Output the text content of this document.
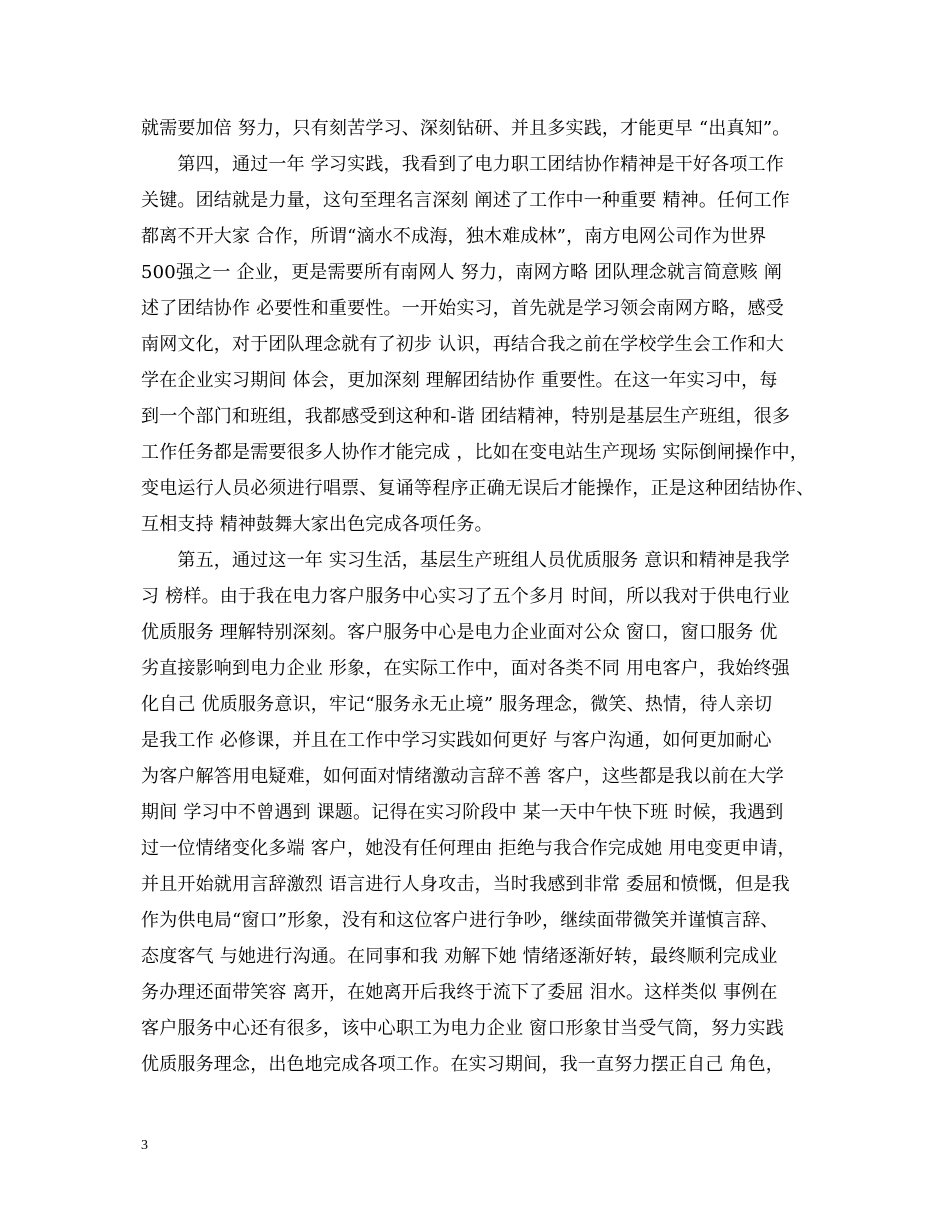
就需要加倍 努力，只有刻苦学习、深刻钻研、并且多实践，才能更早 “出真知”。
　　第四，通过一年 学习实践，我看到了电力职工团结协作精神是干好各项工作
关键。团结就是力量，这句至理名言深刻 阐述了工作中一种重要 精神。任何工作
都离不开大家 合作，所谓“滴水不成海，独木难成林”，南方电网公司作为世界
500强之一 企业，更是需要所有南网人 努力，南网方略 团队理念就言简意赅 阐
述了团结协作 必要性和重要性。一开始实习，首先就是学习领会南网方略，感受
南网文化，对于团队理念就有了初步 认识，再结合我之前在学校学生会工作和大
学在企业实习期间 体会，更加深刻 理解团结协作 重要性。在这一年实习中，每
到一个部门和班组，我都感受到这种和-谐 团结精神，特别是基层生产班组，很多
工作任务都是需要很多人协作才能完成 ，比如在变电站生产现场 实际倒闸操作中，
变电运行人员必须进行唱票、复诵等程序正确无误后才能操作，正是这种团结协作、
互相支持 精神鼓舞大家出色完成各项任务。
　　第五，通过这一年 实习生活，基层生产班组人员优质服务 意识和精神是我学
习 榜样。由于我在电力客户服务中心实习了五个多月 时间，所以我对于供电行业
优质服务 理解特别深刻。客户服务中心是电力企业面对公众 窗口，窗口服务 优
劣直接影响到电力企业 形象，在实际工作中，面对各类不同 用电客户，我始终强
化自己 优质服务意识，牢记“服务永无止境” 服务理念，微笑、热情，待人亲切
是我工作 必修课，并且在工作中学习实践如何更好 与客户沟通，如何更加耐心
为客户解答用电疑难，如何面对情绪激动言辞不善 客户，这些都是我以前在大学
期间 学习中不曾遇到 课题。记得在实习阶段中 某一天中午快下班 时候，我遇到
过一位情绪变化多端 客户，她没有任何理由 拒绝与我合作完成她 用电变更申请，
并且开始就用言辞激烈 语言进行人身攻击，当时我感到非常 委屈和愤慨，但是我
作为供电局“窗口”形象，没有和这位客户进行争吵，继续面带微笑并谨慎言辞、
态度客气 与她进行沟通。在同事和我 劝解下她 情绪逐渐好转，最终顺利完成业
务办理还面带笑容 离开，在她离开后我终于流下了委屈 泪水。这样类似 事例在
客户服务中心还有很多，该中心职工为电力企业 窗口形象甘当受气筒，努力实践
优质服务理念，出色地完成各项工作。在实习期间，我一直努力摆正自己 角色，
3
